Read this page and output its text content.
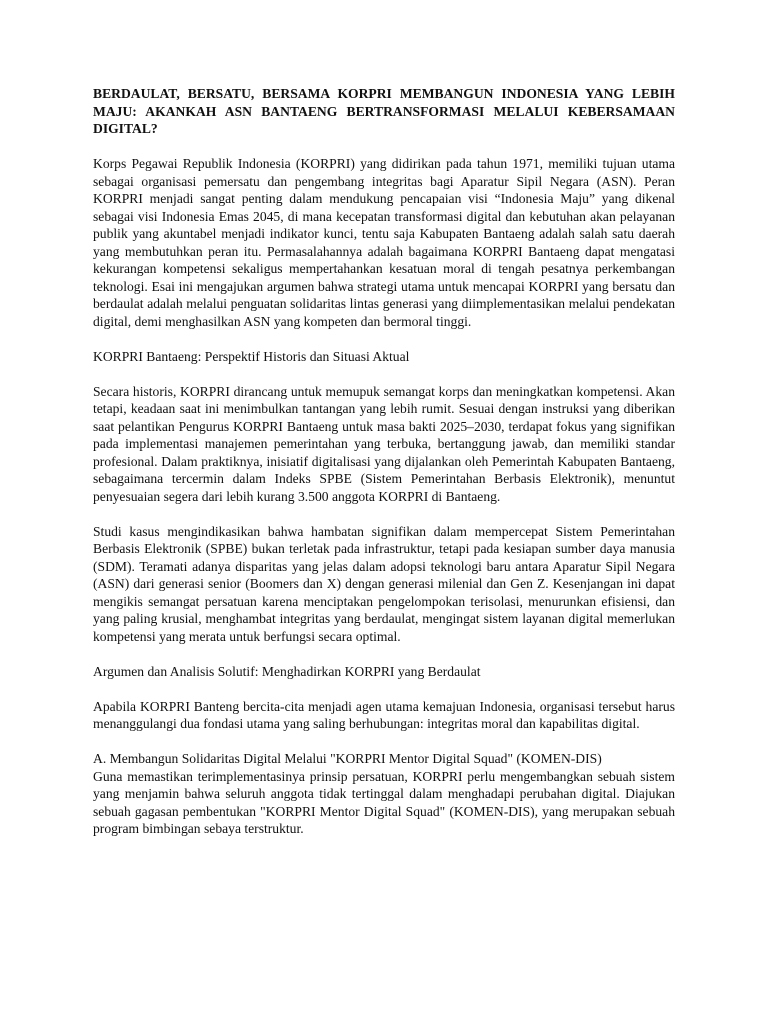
BERDAULAT, BERSATU, BERSAMA KORPRI MEMBANGUN INDONESIA YANG LEBIH MAJU: AKANKAH ASN BANTAENG BERTRANSFORMASI MELALUI KEBERSAMAAN DIGITAL?

Korps Pegawai Republik Indonesia (KORPRI) yang didirikan pada tahun 1971, memiliki tujuan utama sebagai organisasi pemersatu dan pengembang integritas bagi Aparatur Sipil Negara (ASN). Peran KORPRI menjadi sangat penting dalam mendukung pencapaian visi “Indonesia Maju” yang dikenal sebagai visi Indonesia Emas 2045, di mana kecepatan transformasi digital dan kebutuhan akan pelayanan publik yang akuntabel menjadi indikator kunci, tentu saja Kabupaten Bantaeng adalah salah satu daerah yang membutuhkan peran itu. Permasalahannya adalah bagaimana KORPRI Bantaeng dapat mengatasi kekurangan kompetensi sekaligus mempertahankan kesatuan moral di tengah pesatnya perkembangan teknologi. Esai ini mengajukan argumen bahwa strategi utama untuk mencapai KORPRI yang bersatu dan berdaulat adalah melalui penguatan solidaritas lintas generasi yang diimplementasikan melalui pendekatan digital, demi menghasilkan ASN yang kompeten dan bermoral tinggi.

KORPRI Bantaeng: Perspektif Historis dan Situasi Aktual

Secara historis, KORPRI dirancang untuk memupuk semangat korps dan meningkatkan kompetensi. Akan tetapi, keadaan saat ini menimbulkan tantangan yang lebih rumit. Sesuai dengan instruksi yang diberikan saat pelantikan Pengurus KORPRI Bantaeng untuk masa bakti 2025–2030, terdapat fokus yang signifikan pada implementasi manajemen pemerintahan yang terbuka, bertanggung jawab, dan memiliki standar profesional. Dalam praktiknya, inisiatif digitalisasi yang dijalankan oleh Pemerintah Kabupaten Bantaeng, sebagaimana tercermin dalam Indeks SPBE (Sistem Pemerintahan Berbasis Elektronik), menuntut penyesuaian segera dari lebih kurang 3.500 anggota KORPRI di Bantaeng.

Studi kasus mengindikasikan bahwa hambatan signifikan dalam mempercepat Sistem Pemerintahan Berbasis Elektronik (SPBE) bukan terletak pada infrastruktur, tetapi pada kesiapan sumber daya manusia (SDM). Teramati adanya disparitas yang jelas dalam adopsi teknologi baru antara Aparatur Sipil Negara (ASN) dari generasi senior (Boomers dan X) dengan generasi milenial dan Gen Z. Kesenjangan ini dapat mengikis semangat persatuan karena menciptakan pengelompokan terisolasi, menurunkan efisiensi, dan yang paling krusial, menghambat integritas yang berdaulat, mengingat sistem layanan digital memerlukan kompetensi yang merata untuk berfungsi secara optimal.

Argumen dan Analisis Solutif: Menghadirkan KORPRI yang Berdaulat

Apabila KORPRI Banteng bercita-cita menjadi agen utama kemajuan Indonesia, organisasi tersebut harus menanggulangi dua fondasi utama yang saling berhubungan: integritas moral dan kapabilitas digital.

A. Membangun Solidaritas Digital Melalui "KORPRI Mentor Digital Squad" (KOMEN-DIS)

Guna memastikan terimplementasinya prinsip persatuan, KORPRI perlu mengembangkan sebuah sistem yang menjamin bahwa seluruh anggota tidak tertinggal dalam menghadapi perubahan digital. Diajukan sebuah gagasan pembentukan "KORPRI Mentor Digital Squad" (KOMEN-DIS), yang merupakan sebuah program bimbingan sebaya terstruktur.
